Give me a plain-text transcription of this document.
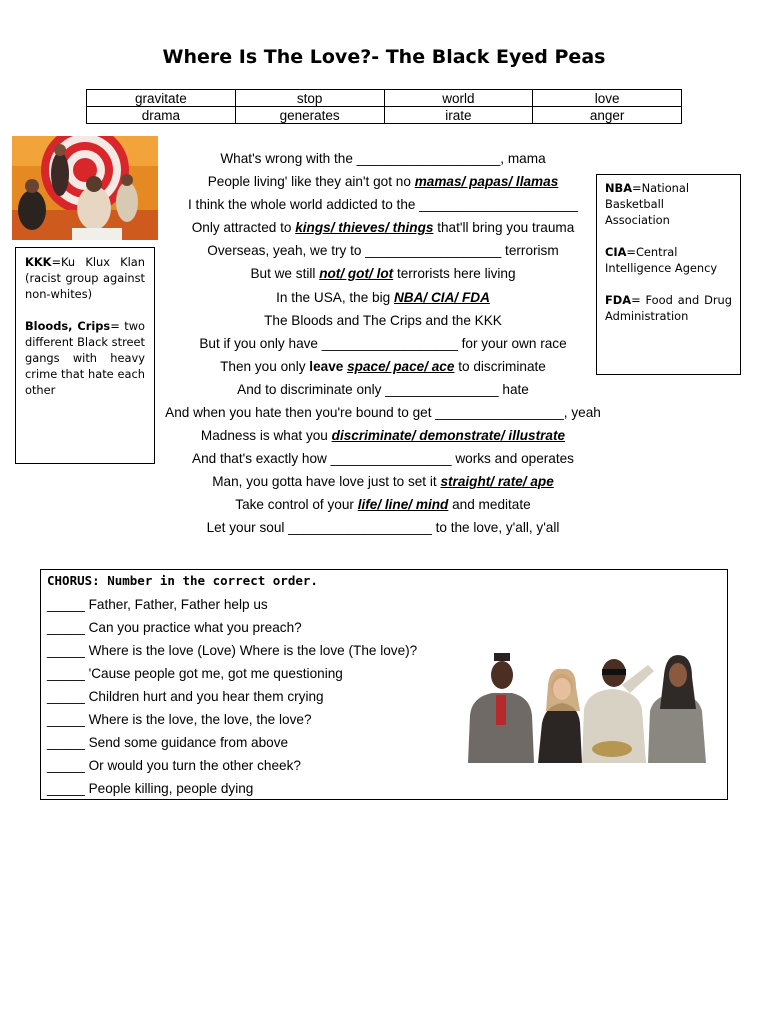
Where Is The Love?- The Black Eyed Peas
gravitate	stop	world	love
drama	generates	irate	anger

KKK=Ku Klux Klan (racist group against non-whites)

Bloods, Crips= two different Black street gangs with heavy crime that hate each other

NBA=National Basketball Association

CIA=Central Intelligence Agency

FDA= Food and Drug Administration

What's wrong with the ___________________, mama
People living' like they ain't got no mamas/ papas/ llamas
I think the whole world addicted to the _____________________
Only attracted to kings/ thieves/ things that'll bring you trauma
Overseas, yeah, we try to __________________ terrorism
But we still not/ got/ lot terrorists here living
In the USA, the big NBA/ CIA/ FDA
The Bloods and The Crips and the KKK
But if you only have __________________ for your own race
Then you only leave space/ pace/ ace to discriminate
And to discriminate only _______________ hate
And when you hate then you're bound to get _________________, yeah
Madness is what you discriminate/ demonstrate/ illustrate
And that's exactly how ________________ works and operates
Man, you gotta have love just to set it straight/ rate/ ape
Take control of your life/ line/ mind and meditate
Let your soul ___________________ to the love, y'all, y'all
CHORUS: Number in the correct order.
_____ Father, Father, Father help us
_____ Can you practice what you preach?
_____ Where is the love (Love) Where is the love (The love)?
_____ 'Cause people got me, got me questioning
_____ Children hurt and you hear them crying
_____ Where is the love, the love, the love?
_____ Send some guidance from above
_____ Or would you turn the other cheek?
_____ People killing, people dying
